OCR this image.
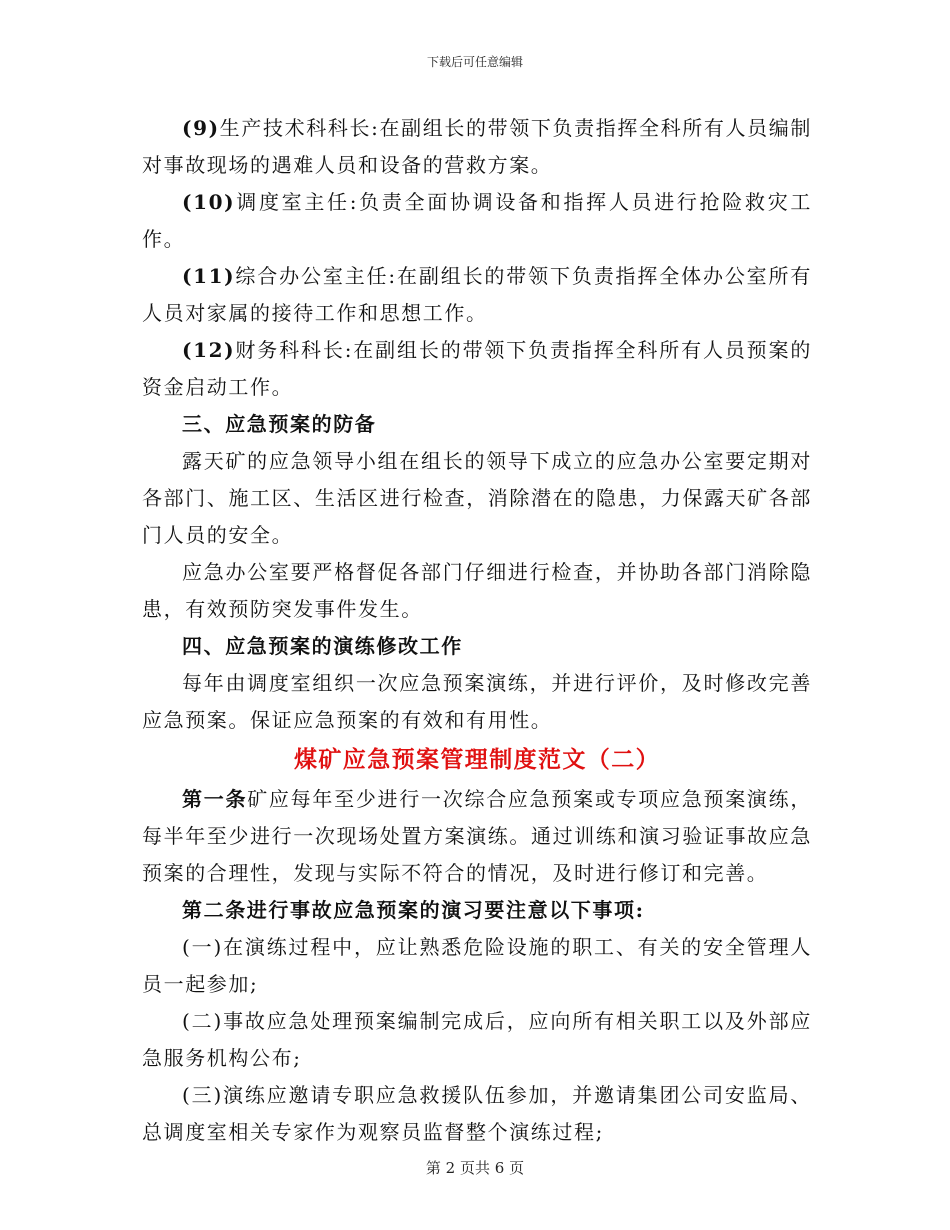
下载后可任意编辑

(9)生产技术科科长:在副组长的带领下负责指挥全科所有人员编制对事故现场的遇难人员和设备的营救方案。

(10)调度室主任:负责全面协调设备和指挥人员进行抢险救灾工作。

(11)综合办公室主任:在副组长的带领下负责指挥全体办公室所有人员对家属的接待工作和思想工作。

(12)财务科科长:在副组长的带领下负责指挥全科所有人员预案的资金启动工作。

三、应急预案的防备

露天矿的应急领导小组在组长的领导下成立的应急办公室要定期对各部门、施工区、生活区进行检查，消除潜在的隐患，力保露天矿各部门人员的安全。

应急办公室要严格督促各部门仔细进行检查，并协助各部门消除隐患，有效预防突发事件发生。

四、应急预案的演练修改工作

每年由调度室组织一次应急预案演练，并进行评价，及时修改完善应急预案。保证应急预案的有效和有用性。

煤矿应急预案管理制度范文（二）

第一条矿应每年至少进行一次综合应急预案或专项应急预案演练，每半年至少进行一次现场处置方案演练。通过训练和演习验证事故应急预案的合理性，发现与实际不符合的情况，及时进行修订和完善。

第二条进行事故应急预案的演习要注意以下事项:

(一)在演练过程中，应让熟悉危险设施的职工、有关的安全管理人员一起参加;

(二)事故应急处理预案编制完成后，应向所有相关职工以及外部应急服务机构公布;

(三)演练应邀请专职应急救援队伍参加，并邀请集团公司安监局、总调度室相关专家作为观察员监督整个演练过程;

第 2 页共 6 页
